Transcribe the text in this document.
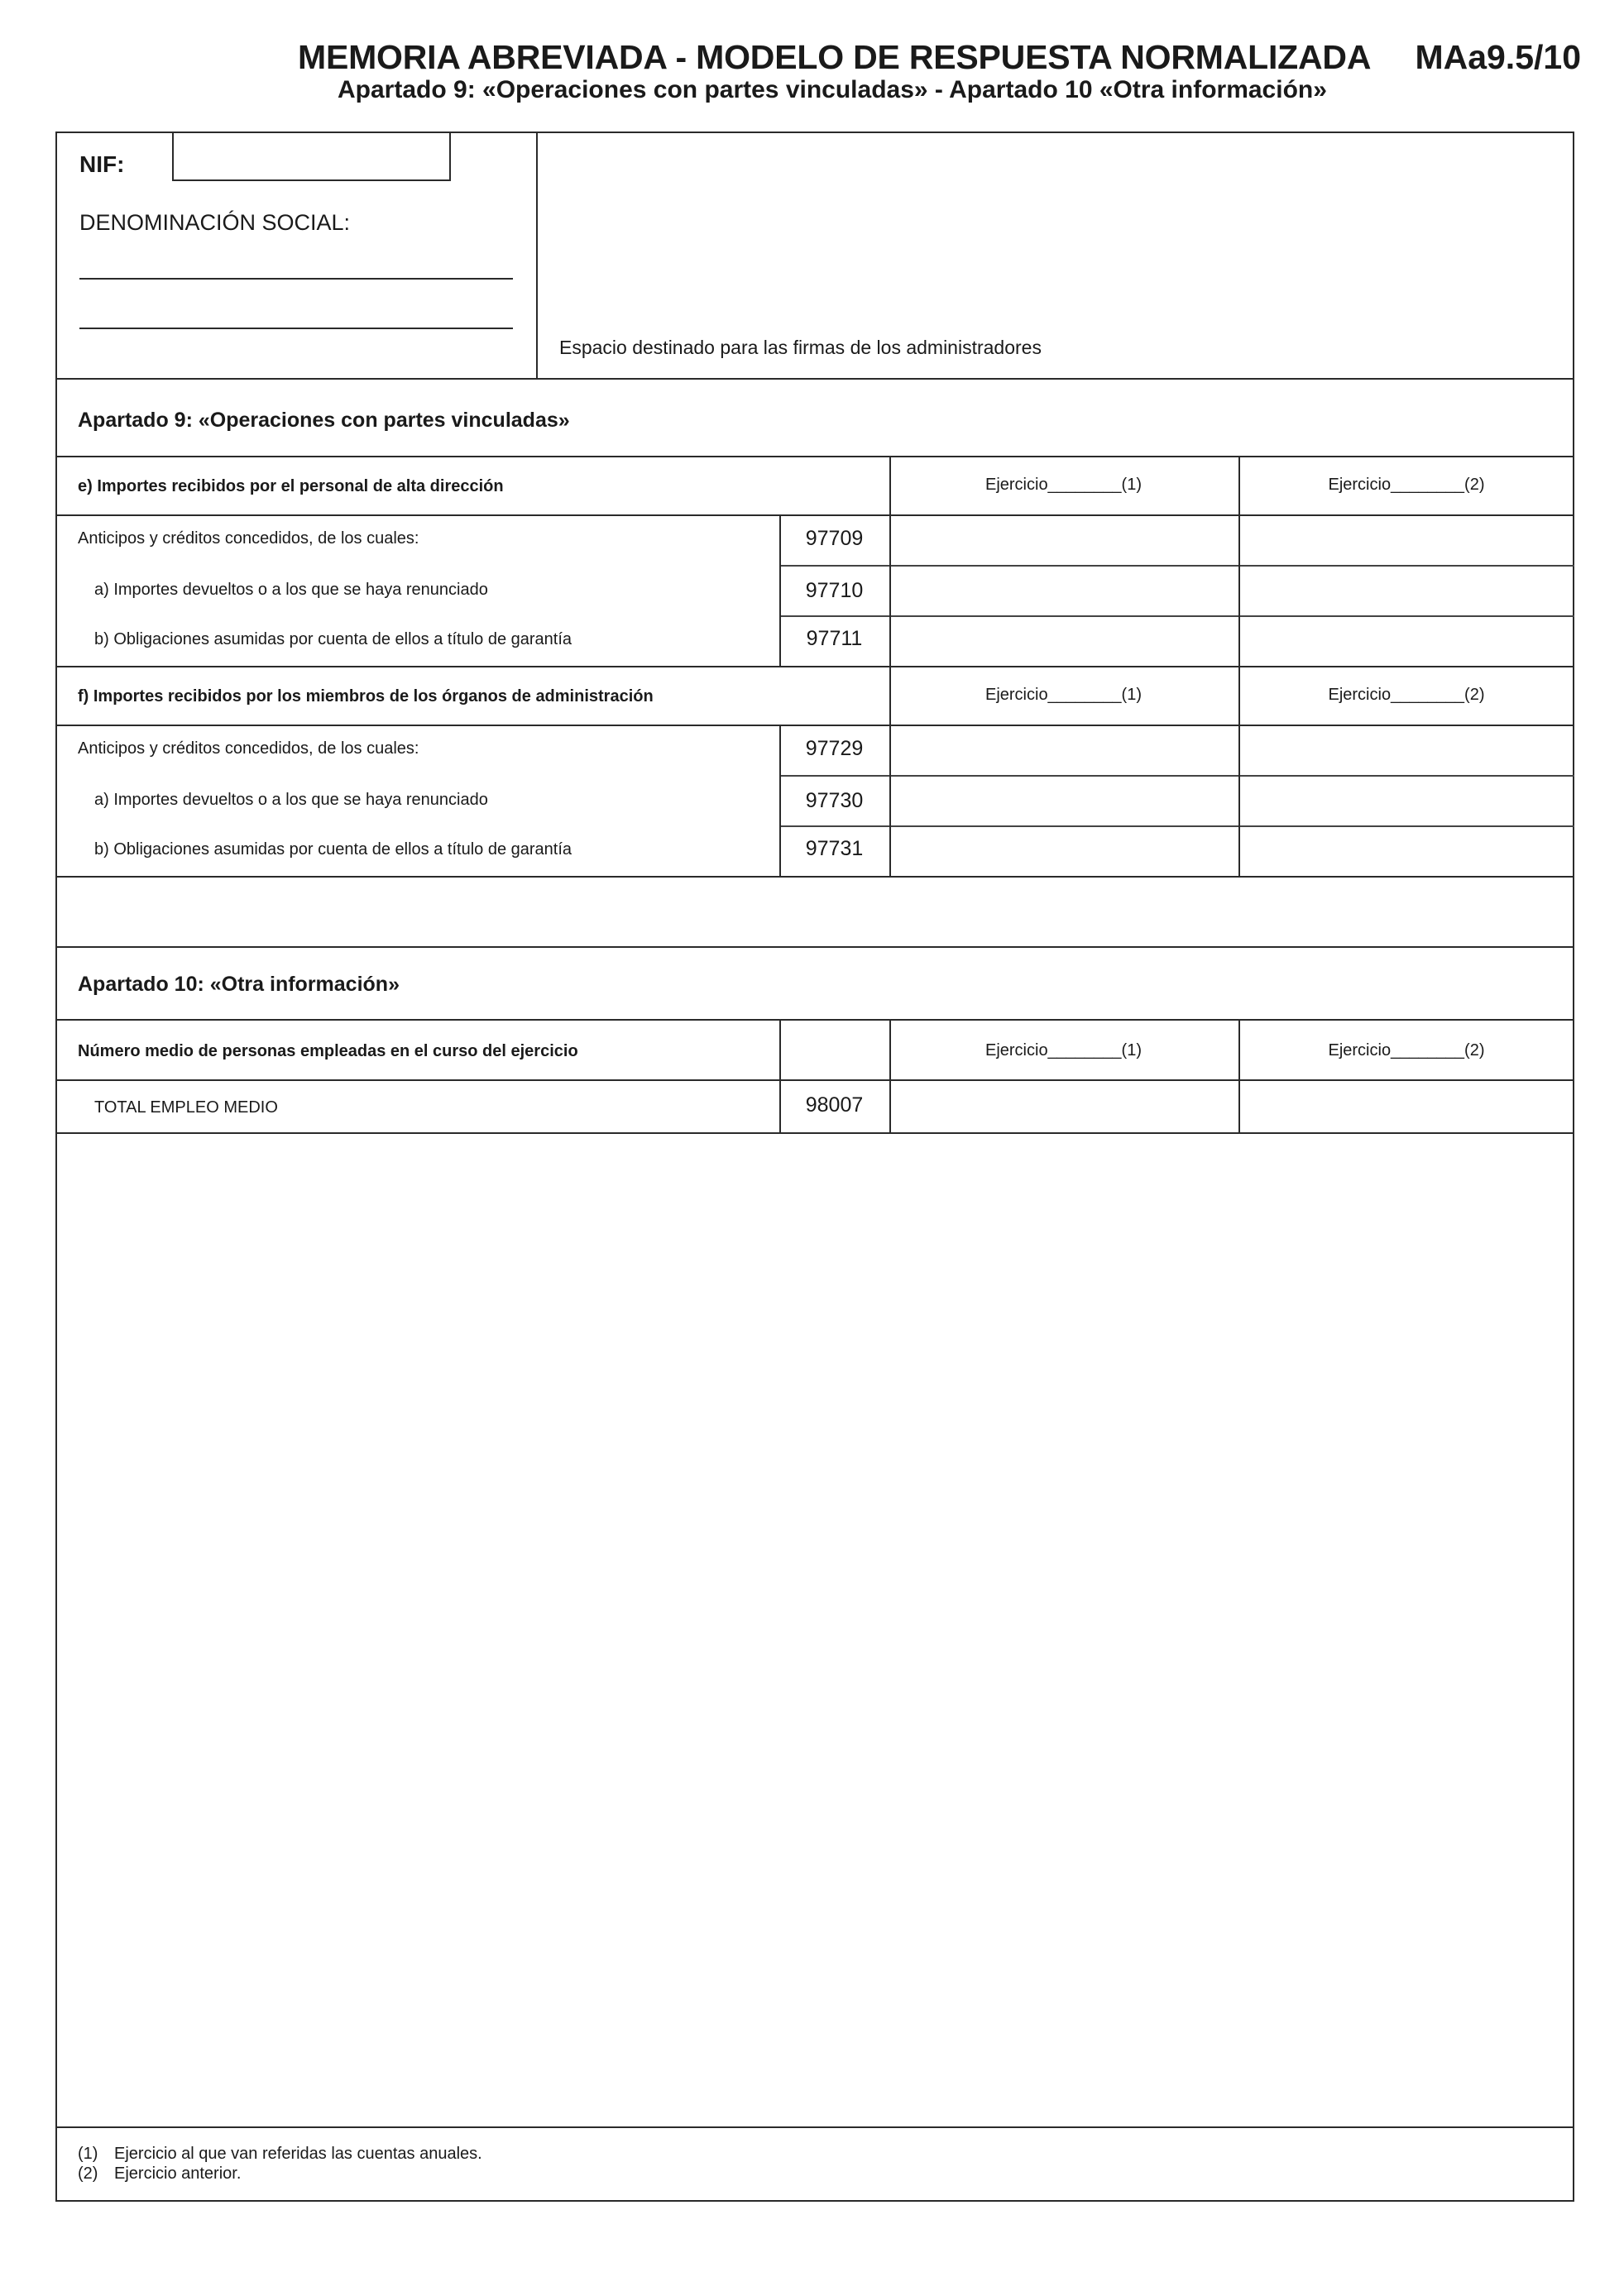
MEMORIA ABREVIADA - MODELO DE RESPUESTA NORMALIZADA MAa9.5/10
Apartado 9: «Operaciones con partes vinculadas» - Apartado 10 «Otra información»
NIF:
DENOMINACIÓN SOCIAL:
Espacio destinado para las firmas de los administradores
Apartado 9: «Operaciones con partes vinculadas»
e) Importes recibidos por el personal de alta dirección	Ejercicio________(1)	Ejercicio________(2)
Anticipos y créditos concedidos, de los cuales:	97709
a) Importes devueltos o a los que se haya renunciado	97710
b) Obligaciones asumidas por cuenta de ellos a título de garantía	97711
f) Importes recibidos por los miembros de los órganos de administración	Ejercicio________(1)	Ejercicio________(2)
Anticipos y créditos concedidos, de los cuales:	97729
a) Importes devueltos o a los que se haya renunciado	97730
b) Obligaciones asumidas por cuenta de ellos a título de garantía	97731
Apartado 10: «Otra información»
Número medio de personas empleadas en el curso del ejercicio	Ejercicio________(1)	Ejercicio________(2)
TOTAL EMPLEO MEDIO	98007
(1) Ejercicio al que van referidas las cuentas anuales.
(2) Ejercicio anterior.
